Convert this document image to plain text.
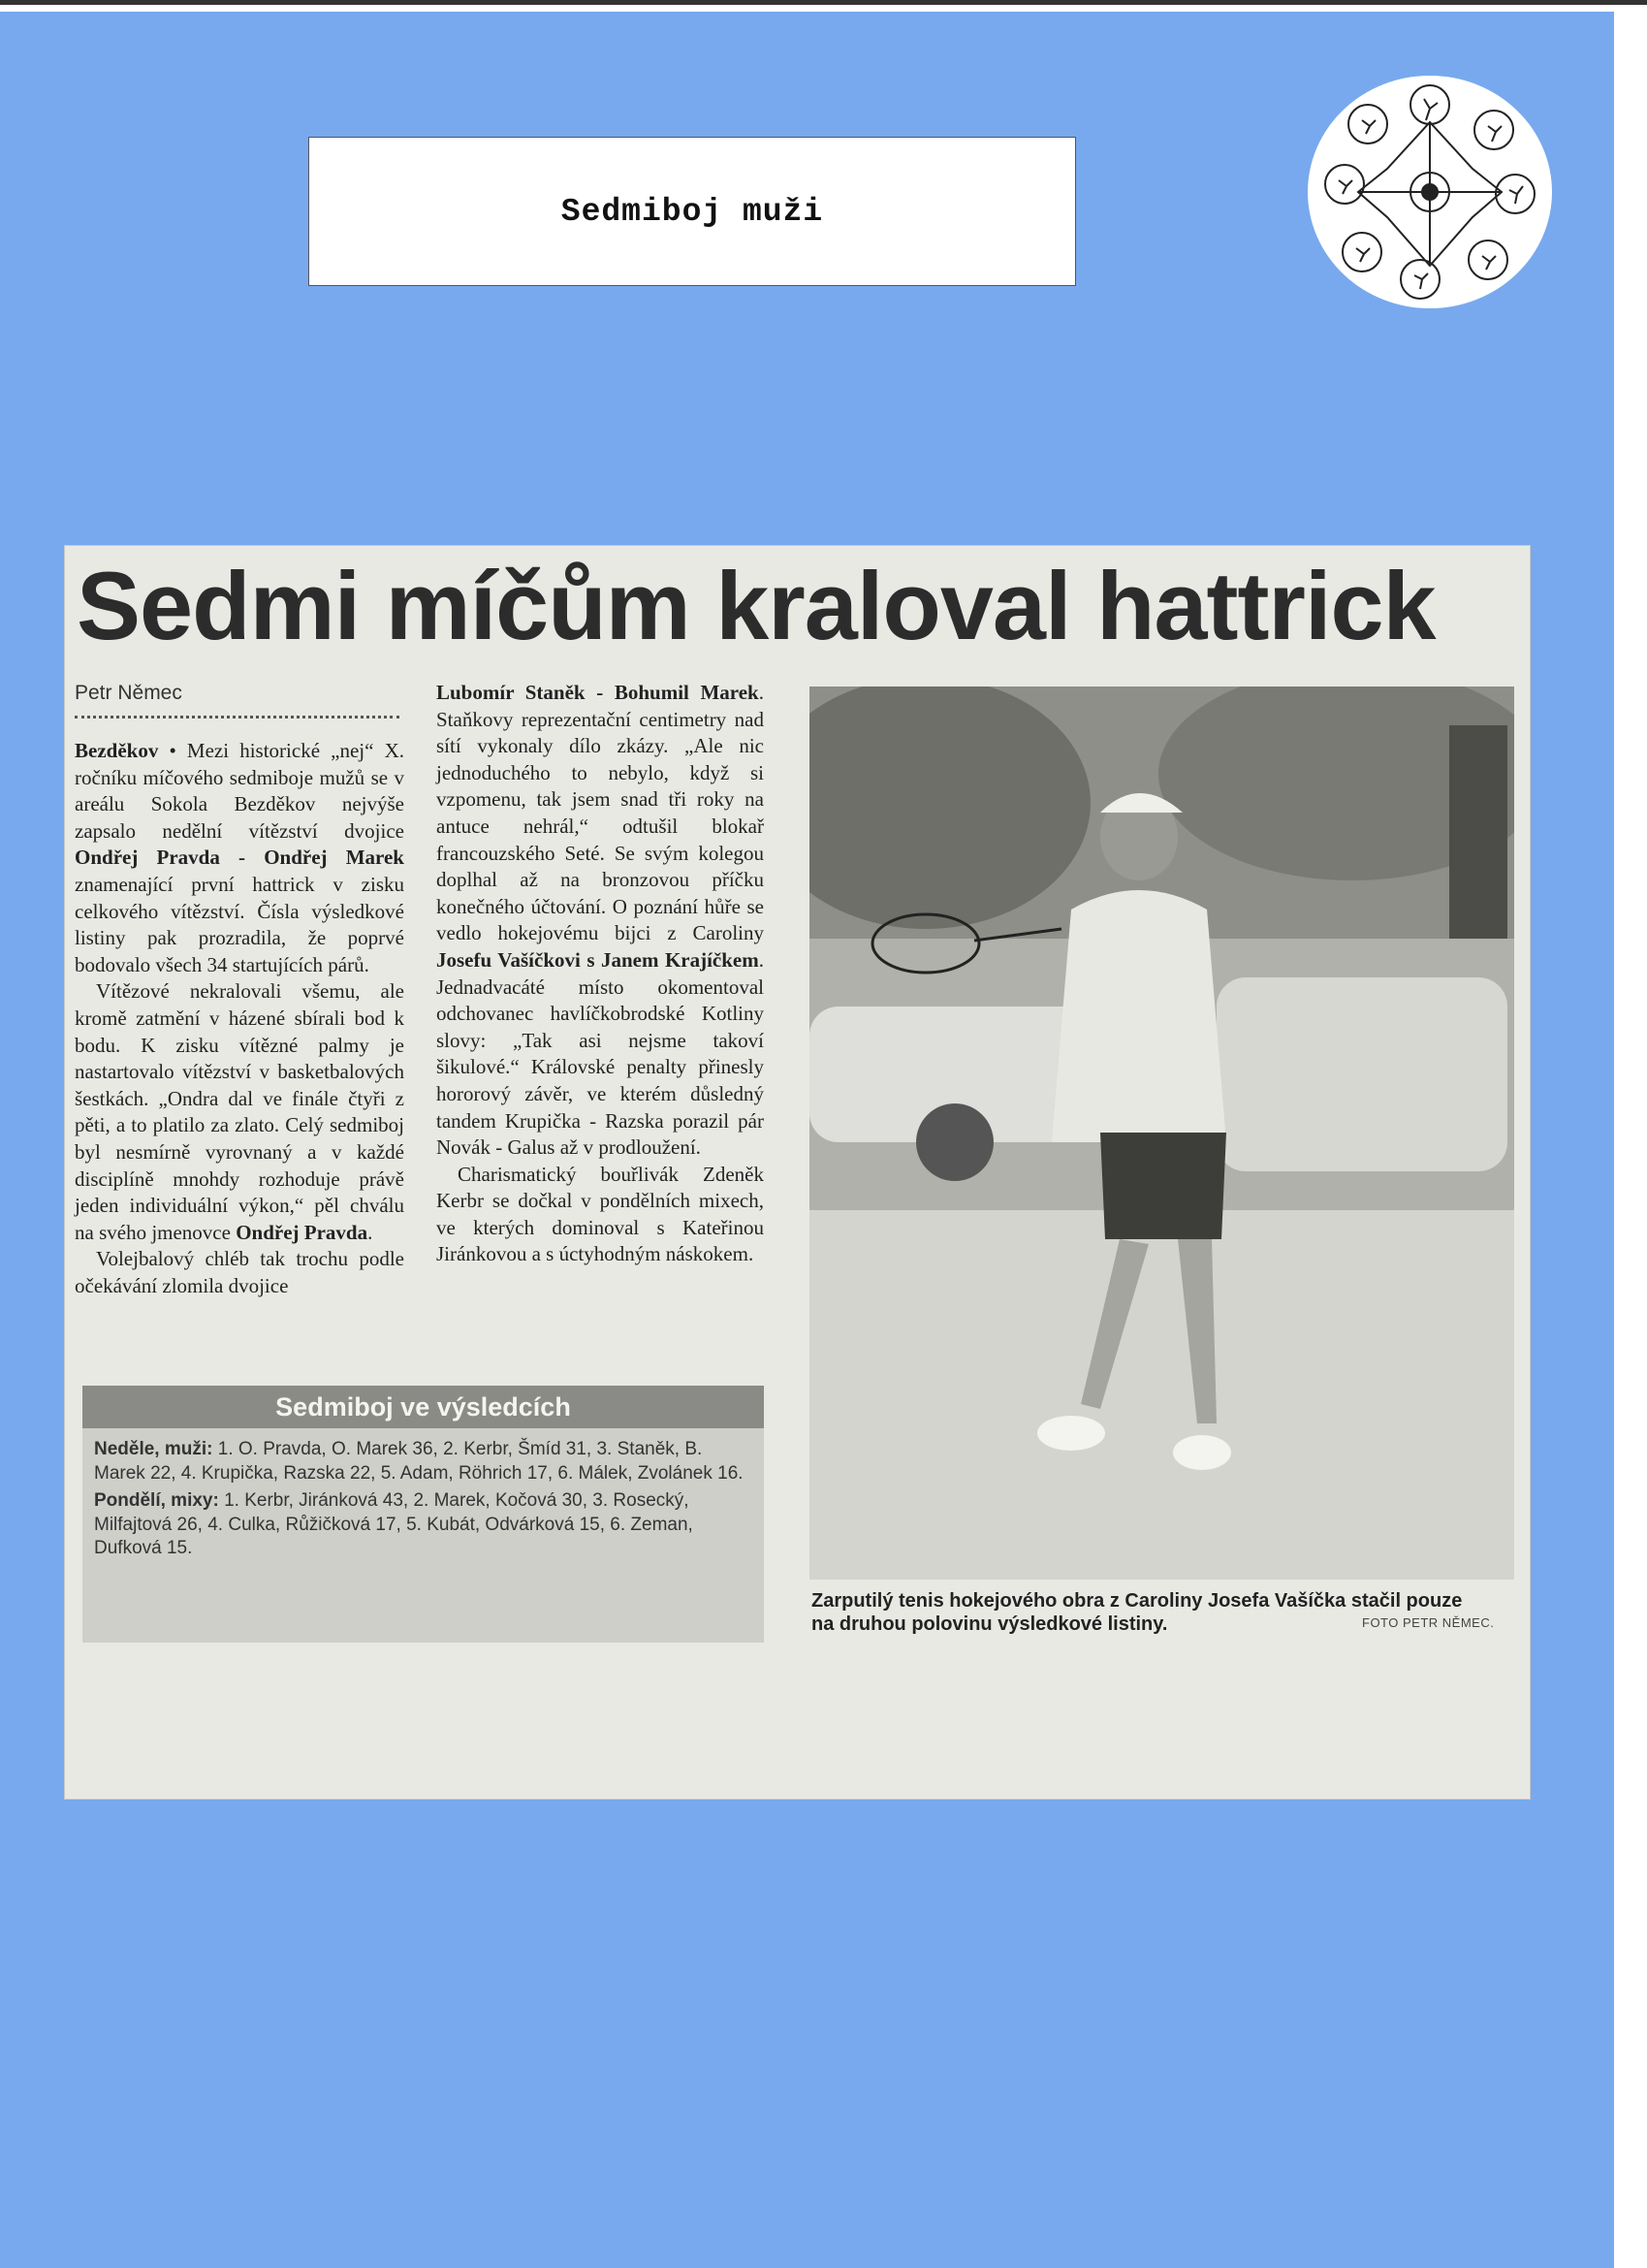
Sedmiboj muži
Sedmi míčům kraloval hattrick
Petr Němec

Bezděkov • Mezi historické „nej“ X. ročníku míčového sedmiboje mužů se v areálu Sokola Bezděkov nejvýše zapsalo nedělní vítězství dvojice Ondřej Pravda - Ondřej Marek znamenající první hattrick v zisku celkového vítězství. Čísla výsledkové listiny pak prozradila, že poprvé bodovalo všech 34 startujících párů.

Vítězové nekralovali všemu, ale kromě zatmění v házené sbírali bod k bodu. K zisku vítězné palmy je nastartovalo vítězství v basketbalových šestkách. „Ondra dal ve finále čtyři z pěti, a to platilo za zlato. Celý sedmiboj byl nesmírně vyrovnaný a v každé disciplíně mnohdy rozhoduje právě jeden individuální výkon,“ pěl chválu na svého jmenovce Ondřej Pravda.

Volejbalový chléb tak trochu podle očekávání zlomila dvojice

Lubomír Staněk - Bohumil Marek. Staňkovy reprezentační centimetry nad sítí vykonaly dílo zkázy. „Ale nic jednoduchého to nebylo, když si vzpomenu, tak jsem snad tři roky na antuce nehrál,“ odtušil blokař francouzského Seté. Se svým kolegou doplhal až na bronzovou příčku konečného účtování. O poznání hůře se vedlo hokejovému bijci z Caroliny Josefu Vašíčkovi s Janem Krajíčkem. Jednadvacáté místo okomentoval odchovanec havlíčkobrodské Kotliny slovy: „Tak asi nejsme takoví šikulové.“ Královské penalty přinesly hororový závěr, ve kterém důsledný tandem Krupička - Razska porazil pár Novák - Galus až v prodloužení.

Charismatický bouřlivák Zdeněk Kerbr se dočkal v pondělních mixech, ve kterých dominoval s Kateřinou Jiránkovou a s úctyhodným náskokem.

Zarputilý tenis hokejového obra z Caroliny Josefa Vašíčka stačil pouze na druhou polovinu výsledkové listiny.	FOTO PETR NĚMEC.
Sedmiboj ve výsledcích

Neděle, muži: 1. O. Pravda, O. Marek 36, 2. Kerbr, Šmíd 31, 3. Staněk, B. Marek 22, 4. Krupička, Razska 22, 5. Adam, Röhrich 17, 6. Málek, Zvolánek 16.

Pondělí, mixy: 1. Kerbr, Jiránková 43, 2. Marek, Kočová 30, 3. Rosecký, Milfajtová 26, 4. Culka, Růžičková 17, 5. Kubát, Odvárková 15, 6. Zeman, Dufková 15.
